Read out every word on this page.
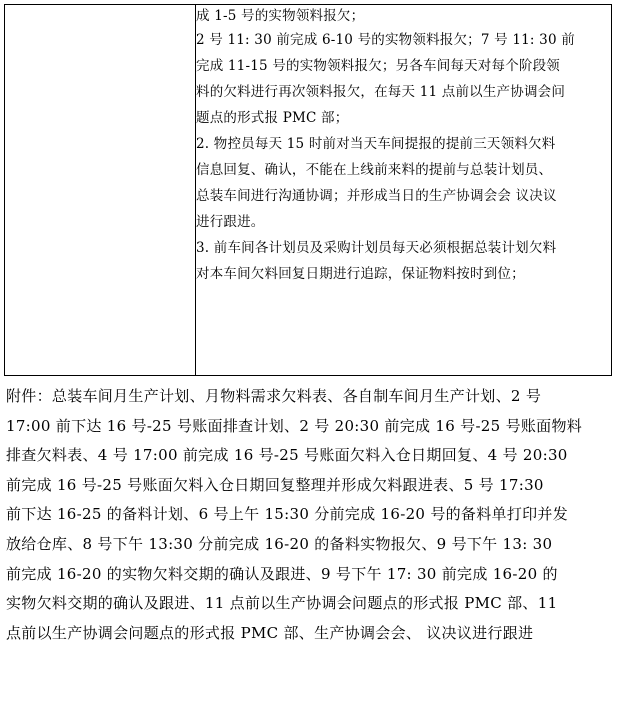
成 1-5 号的实物领料报欠；
2 号 11: 30 前完成 6-10 号的实物领料报欠；7 号 11: 30 前
完成 11-15 号的实物领料报欠；另各车间每天对每个阶段领
料的欠料进行再次领料报欠，在每天 11 点前以生产协调会问
题点的形式报 PMC 部；
2. 物控员每天 15 时前对当天车间提报的提前三天领料欠料
信息回复、确认，不能在上线前来料的提前与总装计划员、
总装车间进行沟通协调；并形成当日的生产协调会会 议决议
进行跟进。
3. 前车间各计划员及采购计划员每天必须根据总装计划欠料
对本车间欠料回复日期进行追踪，保证物料按时到位；
附件：总装车间月生产计划、月物料需求欠料表、各自制车间月生产计划、2 号
17:00 前下达 16 号-25 号账面排查计划、2 号 20:30 前完成 16 号-25 号账面物料
排查欠料表、4 号 17:00 前完成 16 号-25 号账面欠料入仓日期回复、4 号 20:30
前完成 16 号-25 号账面欠料入仓日期回复整理并形成欠料跟进表、5 号 17:30
前下达 16-25 的备料计划、6 号上午 15:30 分前完成 16-20 号的备料单打印并发
放给仓库、8 号下午 13:30 分前完成 16-20 的备料实物报欠、9 号下午 13: 30
前完成 16-20 的实物欠料交期的确认及跟进、9 号下午 17: 30 前完成 16-20 的
实物欠料交期的确认及跟进、11 点前以生产协调会问题点的形式报 PMC 部、11
点前以生产协调会问题点的形式报 PMC 部、生产协调会会、 议决议进行跟进
